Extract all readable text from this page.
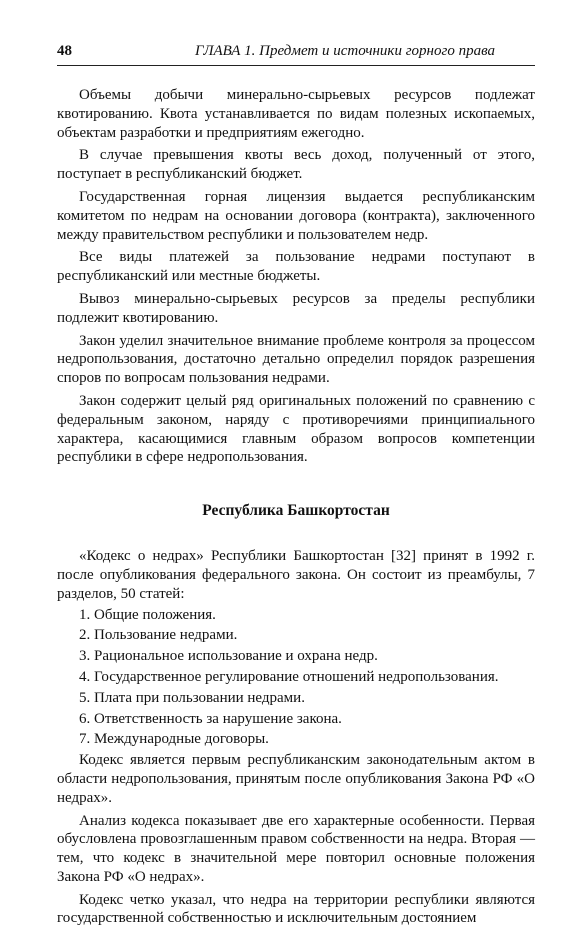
48	ГЛАВА 1. Предмет и источники горного права

Объемы добычи минерально-сырьевых ресурсов подлежат квотированию. Квота устанавливается по видам полезных ископаемых, объектам разработки и предприятиям ежегодно.

В случае превышения квоты весь доход, полученный от этого, поступает в республиканский бюджет.

Государственная горная лицензия выдается республиканским комитетом по недрам на основании договора (контракта), заключенного между правительством республики и пользователем недр.

Все виды платежей за пользование недрами поступают в республиканский или местные бюджеты.

Вывоз минерально-сырьевых ресурсов за пределы республики подлежит квотированию.

Закон уделил значительное внимание проблеме контроля за процессом недропользования, достаточно детально определил порядок разрешения споров по вопросам пользования недрами.

Закон содержит целый ряд оригинальных положений по сравнению с федеральным законом, наряду с противоречиями принципиального характера, касающимися главным образом вопросов компетенции республики в сфере недропользования.

Республика Башкортостан

«Кодекс о недрах» Республики Башкортостан [32] принят в 1992 г. после опубликования федерального закона. Он состоит из преамбулы, 7 разделов, 50 статей:

1. Общие положения.
2. Пользование недрами.
3. Рациональное использование и охрана недр.
4. Государственное регулирование отношений недропользования.
5. Плата при пользовании недрами.
6. Ответственность за нарушение закона.
7. Международные договоры.

Кодекс является первым республиканским законодательным актом в области недропользования, принятым после опубликования Закона РФ «О недрах».

Анализ кодекса показывает две его характерные особенности. Первая обусловлена провозглашенным правом собственности на недра. Вторая — тем, что кодекс в значительной мере повторил основные положения Закона РФ «О недрах».

Кодекс четко указал, что недра на территории республики являются государственной собственностью и исключительным достоянием
